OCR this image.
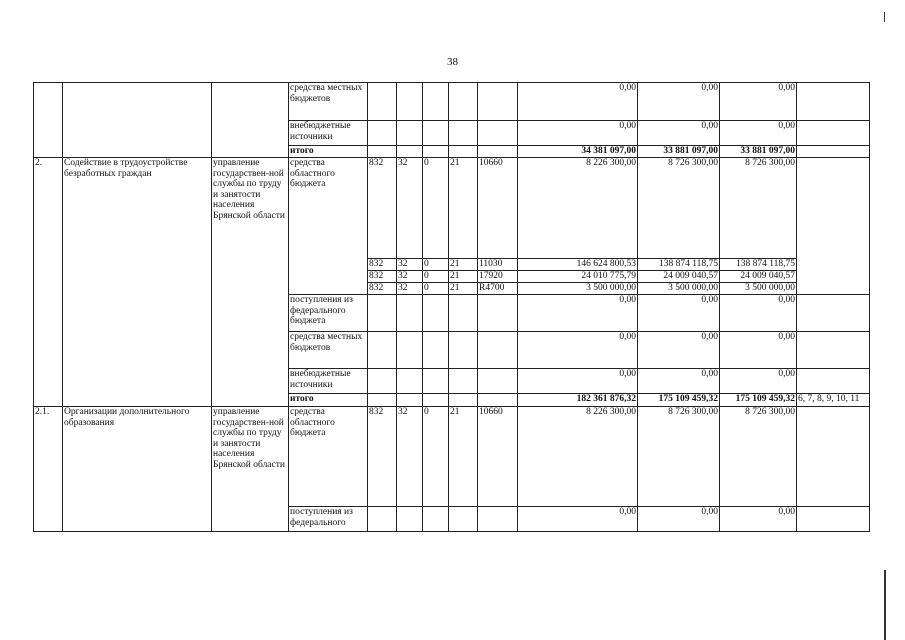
38
			средства местных бюджетов						0,00	0,00	0,00	
			внебюджетные источники						0,00	0,00	0,00	
			итого						34 381 097,00	33 881 097,00	33 881 097,00	
2.	Содействие в трудоустройстве безработных граждан	управление государствен-ной службы по труду и занятости населения Брянской области	средства областного бюджета	832	32	0	21	10660	8 226 300,00	8 726 300,00	8 726 300,00	
				832	32	0	21	11030	146 624 800,53	138 874 118,75	138 874 118,75	
				832	32	0	21	17920	24 010 775,79	24 009 040,57	24 009 040,57	
				832	32	0	21	R4700	3 500 000,00	3 500 000,00	3 500 000,00	
			поступления из федерального бюджета						0,00	0,00	0,00	
			средства местных бюджетов						0,00	0,00	0,00	
			внебюджетные источники						0,00	0,00	0,00	
			итого						182 361 876,32	175 109 459,32	175 109 459,32	6, 7, 8, 9, 10, 11
2.1.	Организации дополнительного образования	управление государствен-ной службы по труду и занятости населения Брянской области	средства областного бюджета	832	32	0	21	10660	8 226 300,00	8 726 300,00	8 726 300,00	
			поступления из федерального						0,00	0,00	0,00	
